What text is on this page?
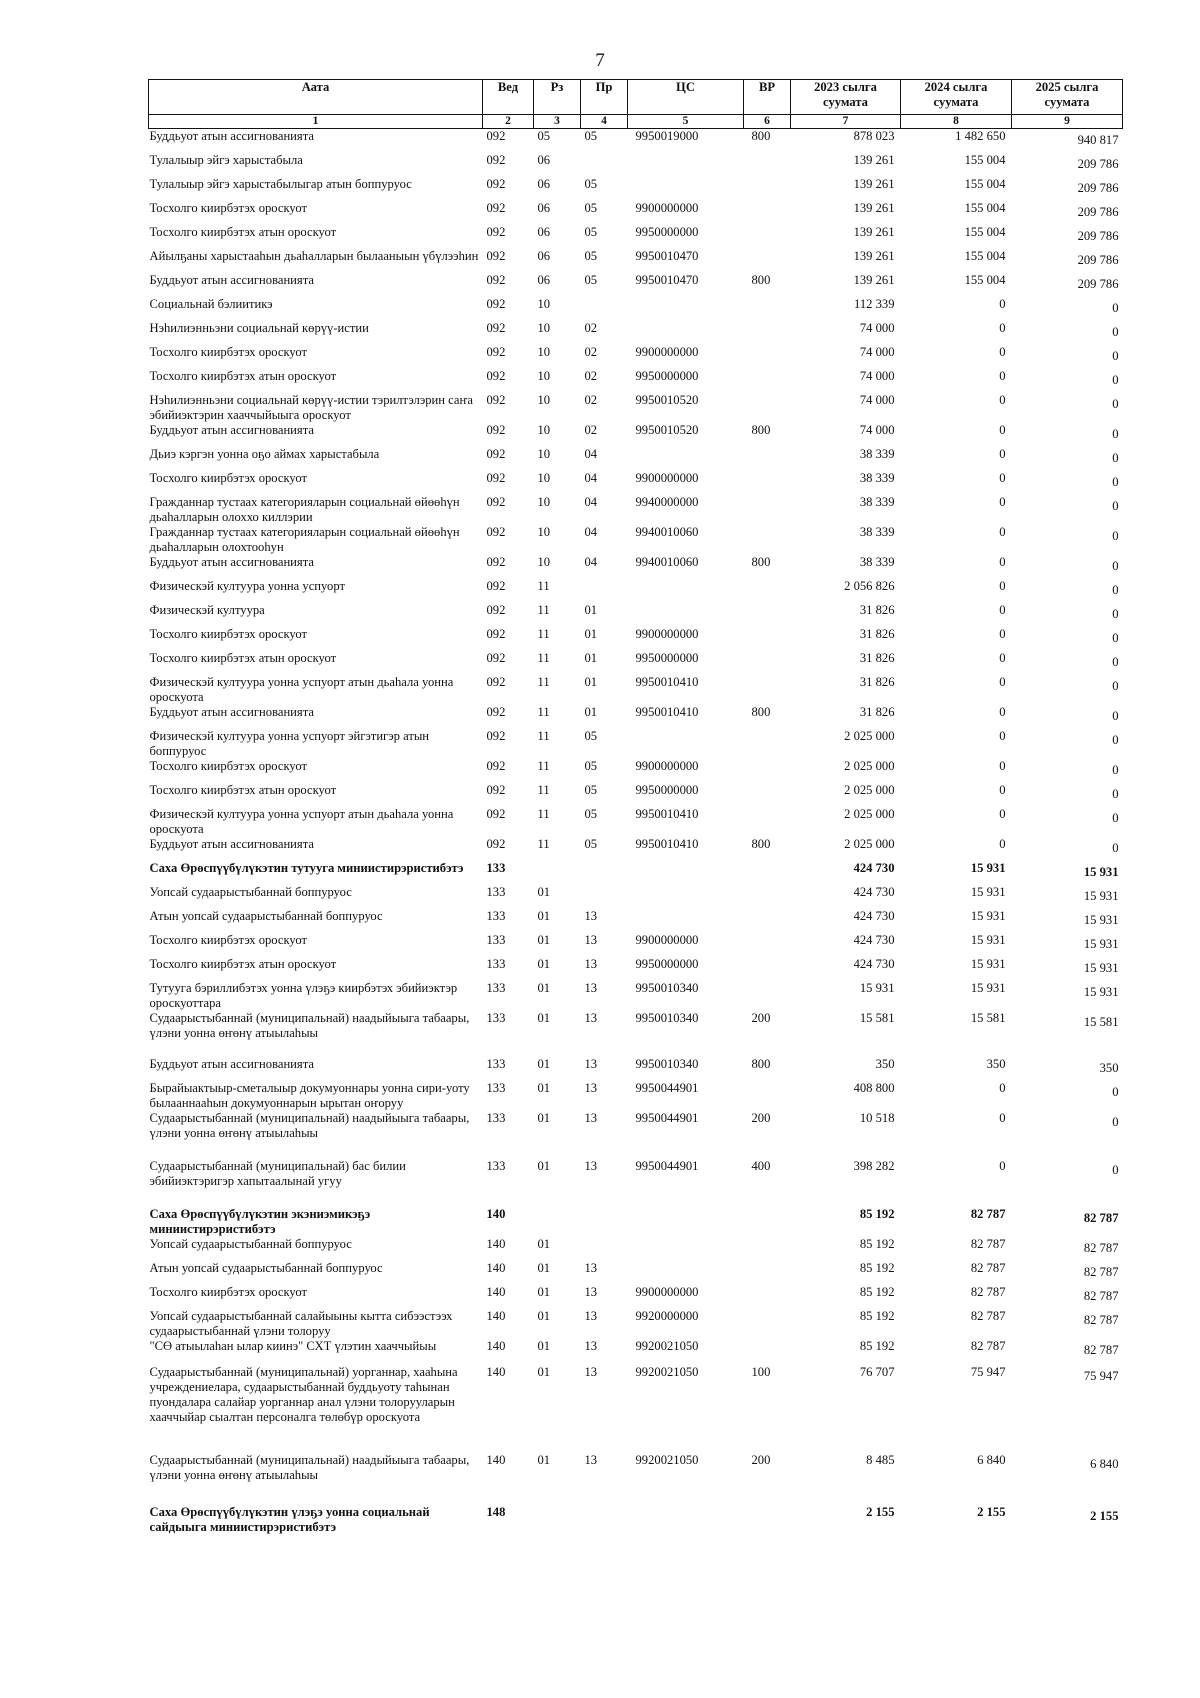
7
Аата	Вед	Рз	Пр	ЦС	ВР	2023 сылга суумата	2024 сылга суумата	2025 сылга суумата
1	2	3	4	5	6	7	8	9
Буддьуот атын ассигнованията	092	05	05	9950019000	800	878 023	1 482 650	940 817
Тулалыыр эйгэ харыстабыла	092	06				139 261	155 004	209 786
Тулалыыр эйгэ харыстабылыгар атын боппуруос	092	06	05			139 261	155 004	209 786
Тосхолго киирбэтэх ороскуот	092	06	05	9900000000		139 261	155 004	209 786
Тосхолго киирбэтэх атын ороскуот	092	06	05	9950000000		139 261	155 004	209 786
Айылҕаны харыстааһын дьаһалларын былааныын үбүлээһин	092	06	05	9950010470		139 261	155 004	209 786
Буддьуот атын ассигнованията	092	06	05	9950010470	800	139 261	155 004	209 786
Социальнай бэлиитикэ	092	10				112 339	0	0
Нэһилиэнньэни социальнай көрүү-истии	092	10	02			74 000	0	0
Тосхолго киирбэтэх ороскуот	092	10	02	9900000000		74 000	0	0
Тосхолго киирбэтэх атын ороскуот	092	10	02	9950000000		74 000	0	0
Нэһилиэнньэни социальнай көрүү-истии тэрилтэлэрин саҥа эбийиэктэрин хааччыйыыга ороскуот	092	10	02	9950010520		74 000	0	0
Буддьуот атын ассигнованията	092	10	02	9950010520	800	74 000	0	0
Дьиэ кэргэн уонна оҕо аймах харыстабыла	092	10	04			38 339	0	0
Тосхолго киирбэтэх ороскуот	092	10	04	9900000000		38 339	0	0
Гражданнар тустаах категорияларын социальнай өйөөһүн дьаһалларын олоххо киллэрии	092	10	04	9940000000		38 339	0	0
Гражданнар тустаах категорияларын социальнай өйөөһүн дьаһалларын олохтооһун	092	10	04	9940010060		38 339	0	0
Буддьуот атын ассигнованията	092	10	04	9940010060	800	38 339	0	0
Физическэй култуура уонна успуорт	092	11				2 056 826	0	0
Физическэй култуура	092	11	01			31 826	0	0
Тосхолго киирбэтэх ороскуот	092	11	01	9900000000		31 826	0	0
Тосхолго киирбэтэх атын ороскуот	092	11	01	9950000000		31 826	0	0
Физическэй култуура уонна успуорт атын дьаһала уонна ороскуота	092	11	01	9950010410		31 826	0	0
Буддьуот атын ассигнованията	092	11	01	9950010410	800	31 826	0	0
Физическэй култуура уонна успуорт эйгэтигэр атын боппуруос	092	11	05			2 025 000	0	0
Тосхолго киирбэтэх ороскуот	092	11	05	9900000000		2 025 000	0	0
Тосхолго киирбэтэх атын ороскуот	092	11	05	9950000000		2 025 000	0	0
Физическэй култуура уонна успуорт атын дьаһала уонна ороскуота	092	11	05	9950010410		2 025 000	0	0
Буддьуот атын ассигнованията	092	11	05	9950010410	800	2 025 000	0	0
Саха Өрөспүүбүлүкэтин тутууга миниистирэристибэтэ	133					424 730	15 931	15 931
Уопсай судаарыстыбаннай боппуруос	133	01				424 730	15 931	15 931
Атын уопсай судаарыстыбаннай боппуруос	133	01	13			424 730	15 931	15 931
Тосхолго киирбэтэх ороскуот	133	01	13	9900000000		424 730	15 931	15 931
Тосхолго киирбэтэх атын ороскуот	133	01	13	9950000000		424 730	15 931	15 931
Тутууга бэриллибэтэх уонна үлэҕэ киирбэтэх эбийиэктэр ороскуоттара	133	01	13	9950010340		15 931	15 931	15 931
Судаарыстыбаннай (муниципальнай) наадыйыыга табаары, үлэни уонна өҥөнү атыылаһыы	133	01	13	9950010340	200	15 581	15 581	15 581
Буддьуот атын ассигнованията	133	01	13	9950010340	800	350	350	350
Бырайыактыыр-сметалыыр докумуоннары уонна сири-уоту былааннааһын докумуоннарын ырытан оҥоруу	133	01	13	9950044901		408 800	0	0
Судаарыстыбаннай (муниципальнай) наадыйыыга табаары, үлэни уонна өҥөнү атыылаһыы	133	01	13	9950044901	200	10 518	0	0
Судаарыстыбаннай (муниципальнай) бас билии эбийиэктэригэр хапытаалынай угуу	133	01	13	9950044901	400	398 282	0	0
Саха Өрөспүүбүлүкэтин экэниэмикэҕэ миниистирэристибэтэ	140					85 192	82 787	82 787
Уопсай судаарыстыбаннай боппуруос	140	01				85 192	82 787	82 787
Атын уопсай судаарыстыбаннай боппуруос	140	01	13			85 192	82 787	82 787
Тосхолго киирбэтэх ороскуот	140	01	13	9900000000		85 192	82 787	82 787
Уопсай судаарыстыбаннай салайыыны кытта сибээстээх судаарыстыбаннай үлэни толоруу	140	01	13	9920000000		85 192	82 787	82 787
"СӨ атыылаһан ылар киинэ" СХТ үлэтин хааччыйыы	140	01	13	9920021050		85 192	82 787	82 787
Судаарыстыбаннай (муниципальнай) уорганнар, хааһына учреждениелара, судаарыстыбаннай буддьуоту таһынан пуондалара салайар уорганнар анал үлэни толорууларын хааччыйар сыалтан персоналга төлөбүр ороскуота	140	01	13	9920021050	100	76 707	75 947	75 947
Судаарыстыбаннай (муниципальнай) наадыйыыга табаары, үлэни уонна өҥөнү атыылаһыы	140	01	13	9920021050	200	8 485	6 840	6 840
Саха Өрөспүүбүлүкэтин үлэҕэ уонна социальнай сайдыыга миниистирэристибэтэ	148					2 155	2 155	2 155
